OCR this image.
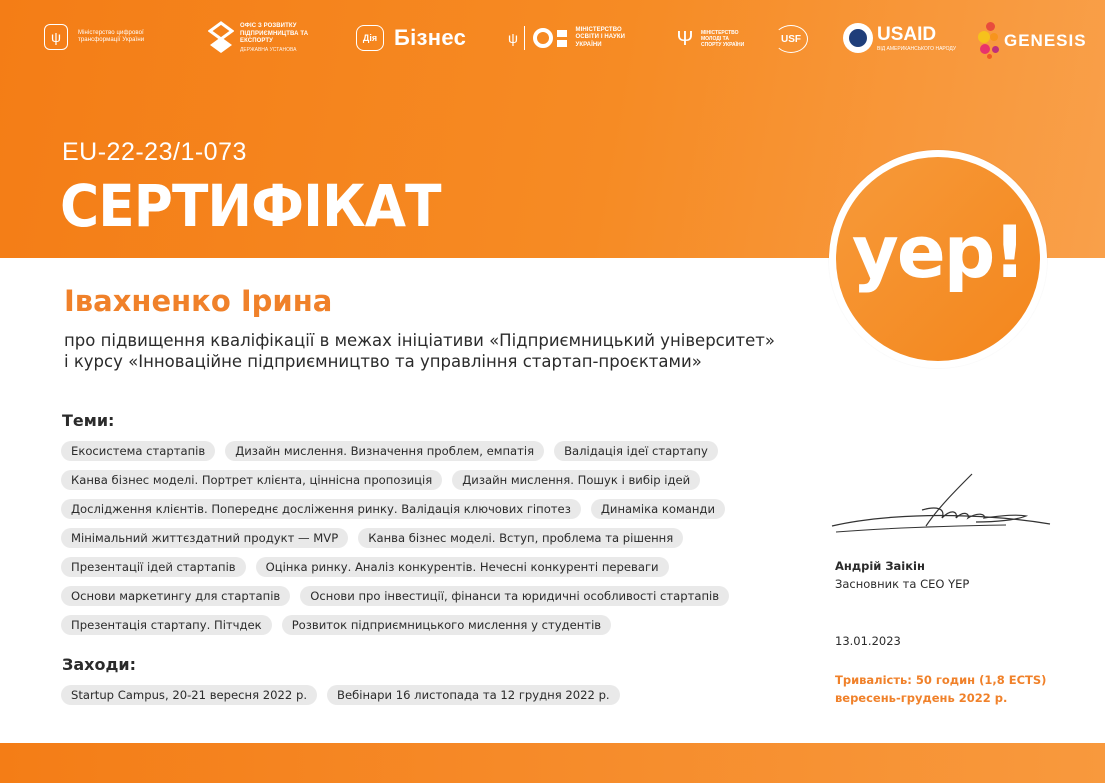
ψ	Міністерство цифрової трансформації України
ОФІС З РОЗВИТКУ ПІДПРИЄМНИЦТВА ТА ЕКСПОРТУ
ДЕРЖАВНА УСТАНОВА
Дія Бізнес	ψ
МІНІСТЕРСТВО ОСВІТИ І НАУКИ УКРАЇНИ	Ψ	МІНІСТЕРСТВО МОЛОДІ ТА СПОРТУ УКРАЇНИ
USF	USAID
ВІД АМЕРИКАНСЬКОГО НАРОДУ	GENESIS
EU-22-23/1-073
СЕРТИФІКАТ
yep!
Івахненко Ірина
про підвищення кваліфікації в межах ініціативи «Підприємницький університет»
і курсу «Інноваційне підприємництво та управління стартап-проєктами»
Теми:
Екосистема стартапів	Дизайн мислення. Визначення проблем, емпатія	Валідація ідеї стартапу
Канва бізнес моделі. Портрет клієнта, ціннісна пропозиція	Дизайн мислення. Пошук і вибір ідей
Дослідження клієнтів. Попереднє досліження ринку. Валідація ключових гіпотез	Динаміка команди
Мінімальний життєздатний продукт — MVP	Канва бізнес моделі. Вступ, проблема та рішення
Презентації ідей стартапів	Оцінка ринку. Аналіз конкурентів. Нечесні конкуренті переваги
Основи маркетингу для стартапів	Основи про інвестиції, фінанси та юридичні особливості стартапів
Презентація стартапу. Пітчдек	Розвиток підприємницького мислення у студентів
Заходи:
Startup Campus, 20-21 вересня 2022 р.	Вебінари 16 листопада та 12 грудня 2022 р.
Андрій Заікін
Засновник та CEO YEP
13.01.2023
Тривалість: 50 годин (1,8 ECTS)
вересень-грудень 2022 р.
